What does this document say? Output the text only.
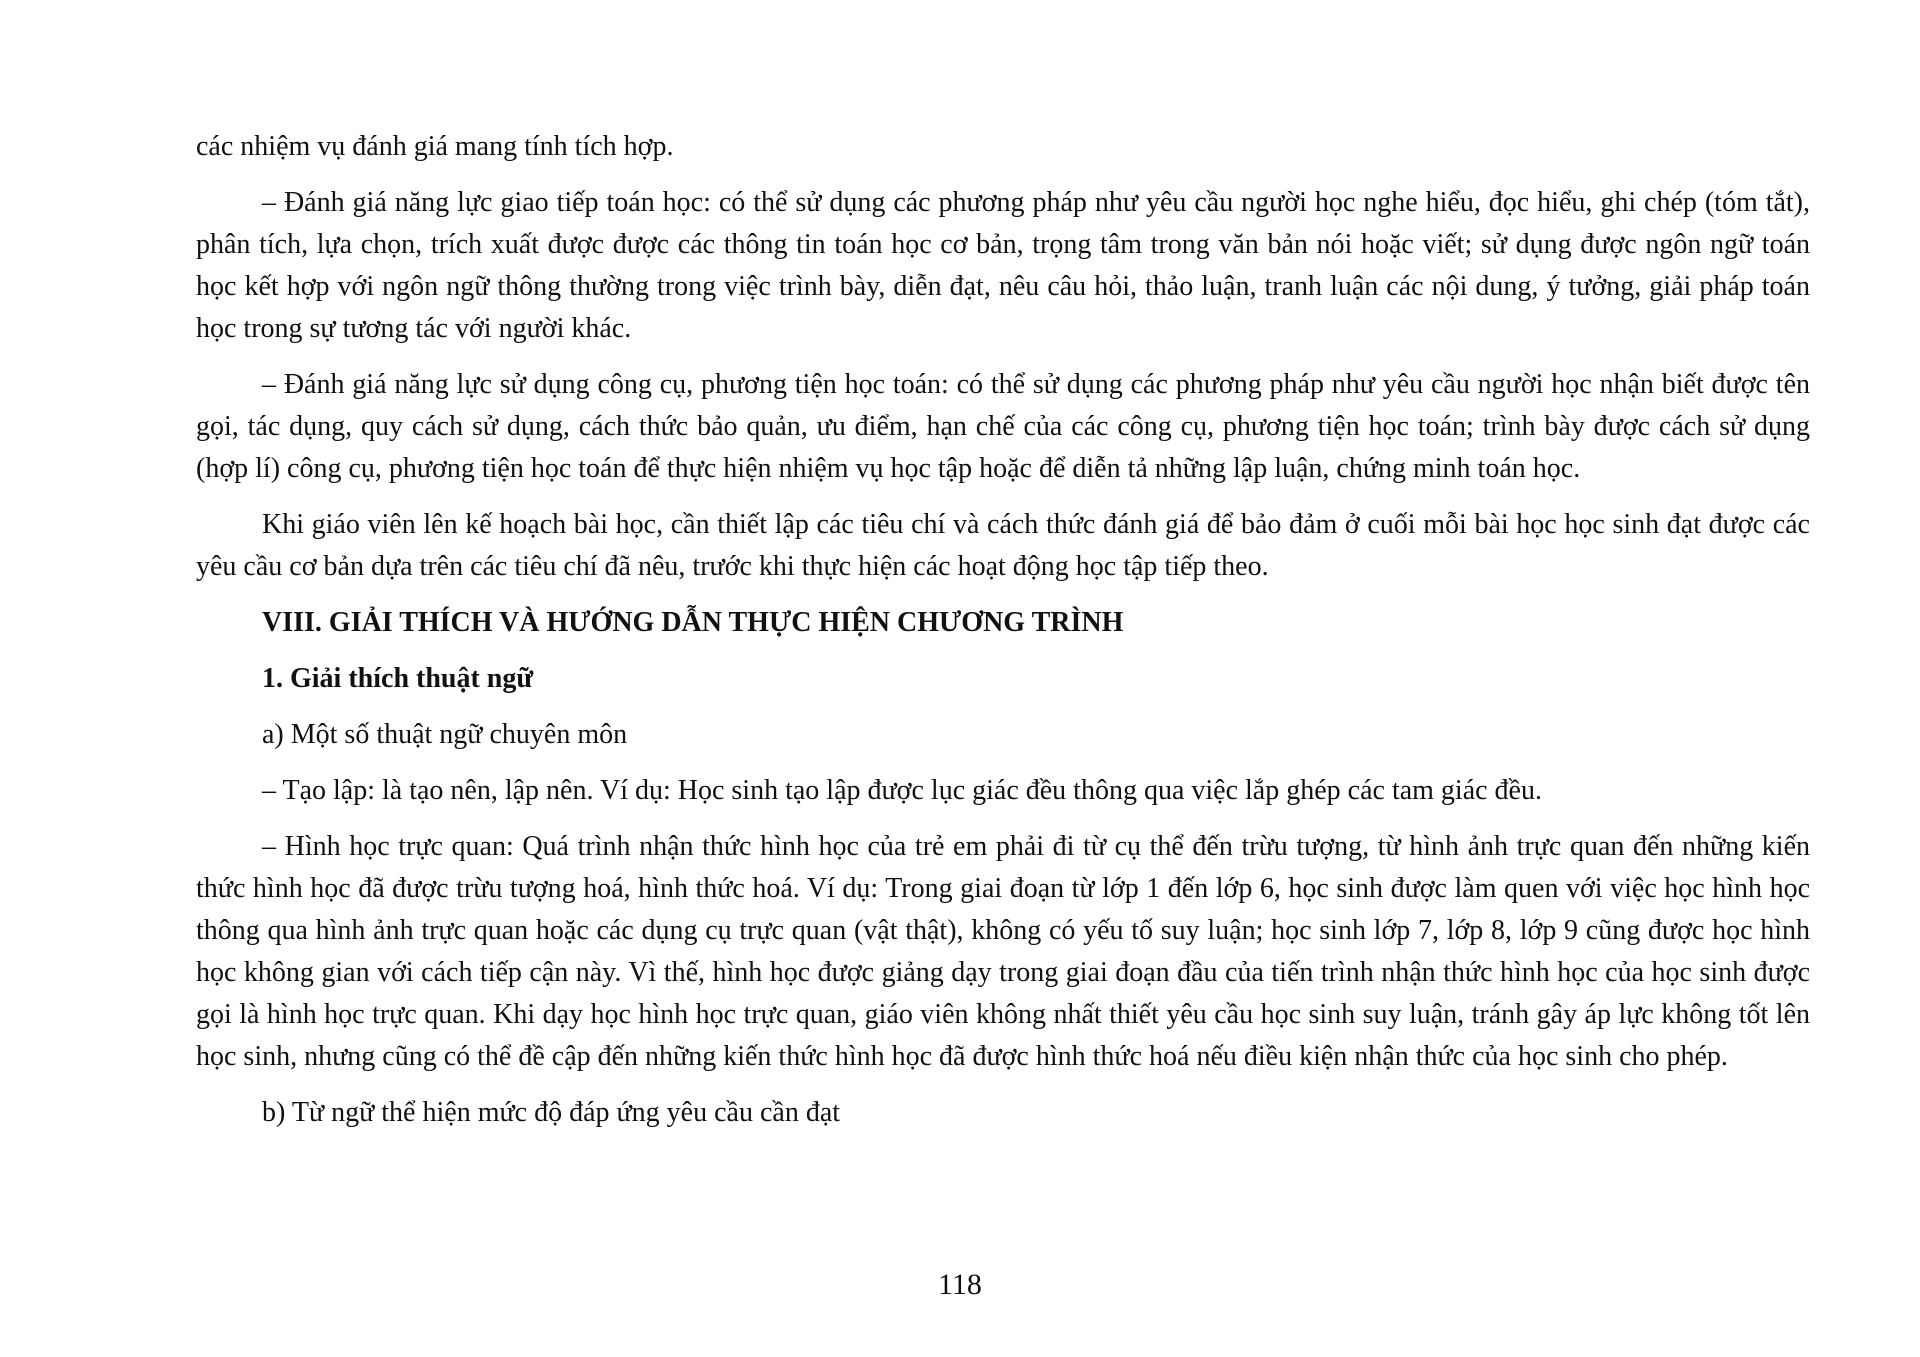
các nhiệm vụ đánh giá mang tính tích hợp.

– Đánh giá năng lực giao tiếp toán học: có thể sử dụng các phương pháp như yêu cầu người học nghe hiểu, đọc hiểu, ghi chép (tóm tắt), phân tích, lựa chọn, trích xuất được được các thông tin toán học cơ bản, trọng tâm trong văn bản nói hoặc viết; sử dụng được ngôn ngữ toán học kết hợp với ngôn ngữ thông thường trong việc trình bày, diễn đạt, nêu câu hỏi, thảo luận, tranh luận các nội dung, ý tưởng, giải pháp toán học trong sự tương tác với người khác.

– Đánh giá năng lực sử dụng công cụ, phương tiện học toán: có thể sử dụng các phương pháp như yêu cầu người học nhận biết được tên gọi, tác dụng, quy cách sử dụng, cách thức bảo quản, ưu điểm, hạn chế của các công cụ, phương tiện học toán; trình bày được cách sử dụng (hợp lí) công cụ, phương tiện học toán để thực hiện nhiệm vụ học tập hoặc để diễn tả những lập luận, chứng minh toán học.

Khi giáo viên lên kế hoạch bài học, cần thiết lập các tiêu chí và cách thức đánh giá để bảo đảm ở cuối mỗi bài học học sinh đạt được các yêu cầu cơ bản dựa trên các tiêu chí đã nêu, trước khi thực hiện các hoạt động học tập tiếp theo.

VIII. GIẢI THÍCH VÀ HƯỚNG DẪN THỰC HIỆN CHƯƠNG TRÌNH
1. Giải thích thuật ngữ
a) Một số thuật ngữ chuyên môn

– Tạo lập: là tạo nên, lập nên. Ví dụ: Học sinh tạo lập được lục giác đều thông qua việc lắp ghép các tam giác đều.

– Hình học trực quan: Quá trình nhận thức hình học của trẻ em phải đi từ cụ thể đến trừu tượng, từ hình ảnh trực quan đến những kiến thức hình học đã được trừu tượng hoá, hình thức hoá. Ví dụ: Trong giai đoạn từ lớp 1 đến lớp 6, học sinh được làm quen với việc học hình học thông qua hình ảnh trực quan hoặc các dụng cụ trực quan (vật thật), không có yếu tố suy luận; học sinh lớp 7, lớp 8, lớp 9 cũng được học hình học không gian với cách tiếp cận này. Vì thế, hình học được giảng dạy trong giai đoạn đầu của tiến trình nhận thức hình học của học sinh được gọi là hình học trực quan. Khi dạy học hình học trực quan, giáo viên không nhất thiết yêu cầu học sinh suy luận, tránh gây áp lực không tốt lên học sinh, nhưng cũng có thể đề cập đến những kiến thức hình học đã được hình thức hoá nếu điều kiện nhận thức của học sinh cho phép.

b) Từ ngữ thể hiện mức độ đáp ứng yêu cầu cần đạt
118
